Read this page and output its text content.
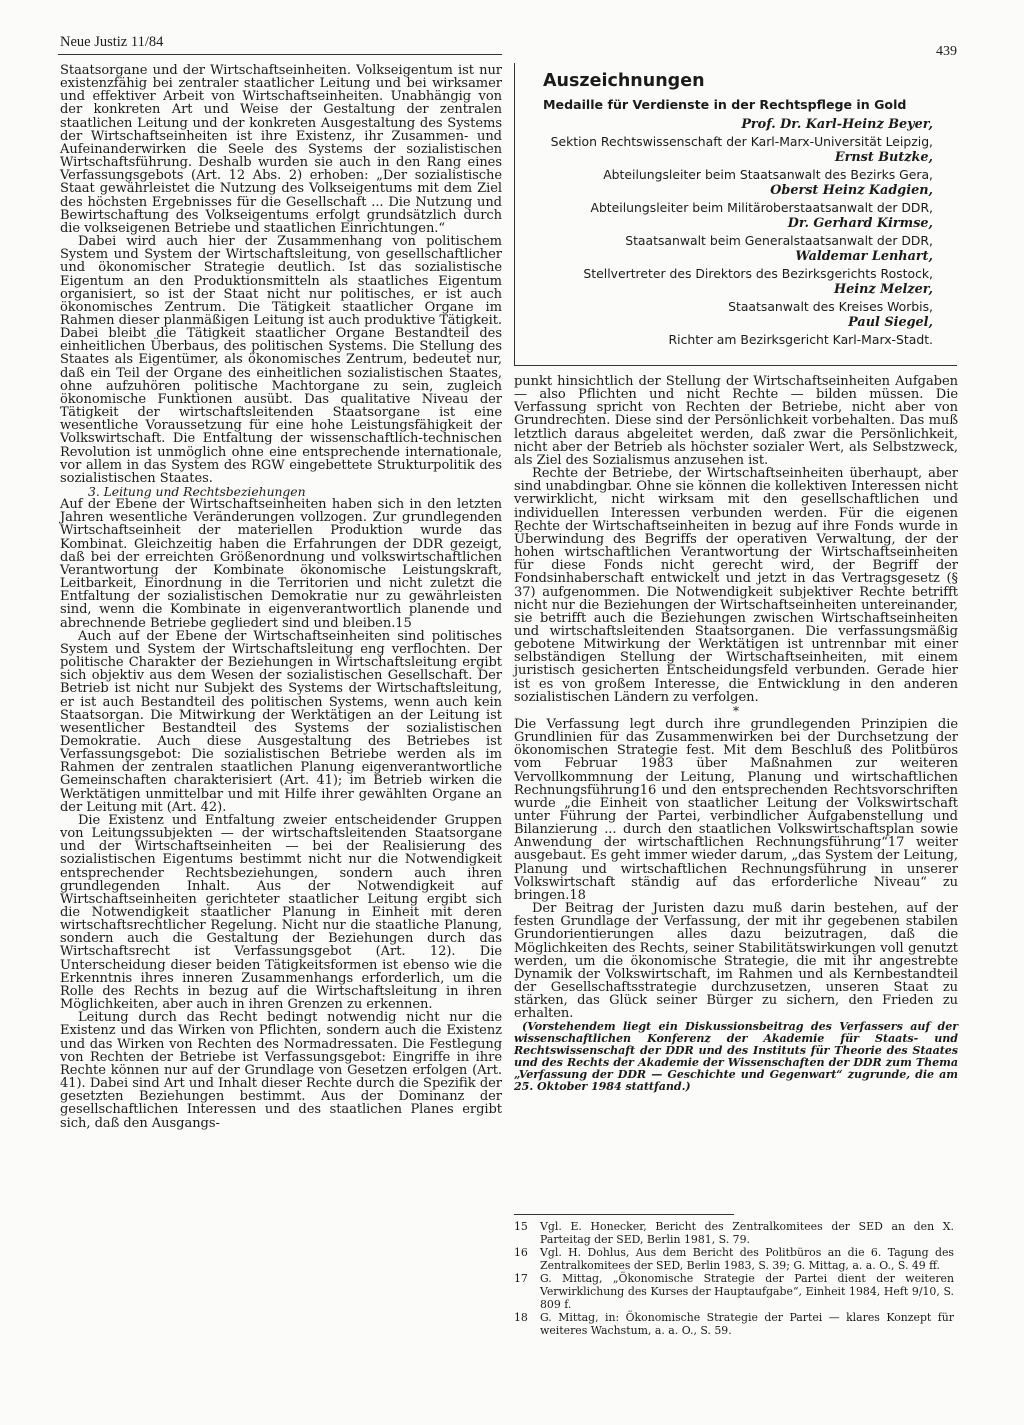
Neue Justiz 11/84
439

Staatsorgane und der Wirtschaftseinheiten. Volkseigentum ist nur existenzfähig bei zentraler staatlicher Leitung und bei wirksamer und effektiver Arbeit von Wirtschaftseinheiten. Unabhängig von der konkreten Art und Weise der Gestaltung der zentralen staatlichen Leitung und der konkreten Ausgestaltung des Systems der Wirtschaftseinheiten ist ihre Existenz, ihr Zusammen- und Aufeinanderwirken die Seele des Systems der sozialistischen Wirtschaftsführung. Deshalb wurden sie auch in den Rang eines Verfassungsgebots (Art. 12 Abs. 2) erhoben: „Der sozialistische Staat gewährleistet die Nutzung des Volkseigentums mit dem Ziel des höchsten Ergebnisses für die Gesellschaft ... Die Nutzung und Bewirtschaftung des Volkseigentums erfolgt grundsätzlich durch die volkseigenen Betriebe und staatlichen Einrichtungen.“

Dabei wird auch hier der Zusammenhang von politischem System und System der Wirtschaftsleitung, von gesellschaftlicher und ökonomischer Strategie deutlich. Ist das sozialistische Eigentum an den Produktionsmitteln als staatliches Eigentum organisiert, so ist der Staat nicht nur politisches, er ist auch ökonomisches Zentrum. Die Tätigkeit staatlicher Organe im Rahmen dieser planmäßigen Leitung ist auch produktive Tätigkeit. Dabei bleibt die Tätigkeit staatlicher Organe Bestandteil des einheitlichen Überbaus, des politischen Systems. Die Stellung des Staates als Eigentümer, als ökonomisches Zentrum, bedeutet nur, daß ein Teil der Organe des einheitlichen sozialistischen Staates, ohne aufzuhören politische Machtorgane zu sein, zugleich ökonomische Funktionen ausübt. Das qualitative Niveau der Tätigkeit der wirtschaftsleitenden Staatsorgane ist eine wesentliche Voraussetzung für eine hohe Leistungsfähigkeit der Volkswirtschaft. Die Entfaltung der wissenschaftlich-technischen Revolution ist unmöglich ohne eine entsprechende internationale, vor allem in das System des RGW eingebettete Strukturpolitik des sozialistischen Staates.

3. Leitung und Rechtsbeziehungen

Auf der Ebene der Wirtschaftseinheiten haben sich in den letzten Jahren wesentliche Veränderungen vollzogen. Zur grundlegenden Wirtschaftseinheit der materiellen Produktion wurde das Kombinat. Gleichzeitig haben die Erfahrungen der DDR gezeigt, daß bei der erreichten Größenordnung und volkswirtschaftlichen Verantwortung der Kombinate ökonomische Leistungskraft, Leitbarkeit, Einordnung in die Territorien und nicht zuletzt die Entfaltung der sozialistischen Demokratie nur zu gewährleisten sind, wenn die Kombinate in eigenverantwortlich planende und abrechnende Betriebe gegliedert sind und bleiben.15

Auch auf der Ebene der Wirtschaftseinheiten sind politisches System und System der Wirtschaftsleitung eng verflochten. Der politische Charakter der Beziehungen in Wirtschaftsleitung ergibt sich objektiv aus dem Wesen der sozialistischen Gesellschaft. Der Betrieb ist nicht nur Subjekt des Systems der Wirtschaftsleitung, er ist auch Bestandteil des politischen Systems, wenn auch kein Staatsorgan. Die Mitwirkung der Werktätigen an der Leitung ist wesentlicher Bestandteil des Systems der sozialistischen Demokratie. Auch diese Ausgestaltung des Betriebes ist Verfassungsgebot: Die sozialistischen Betriebe werden als im Rahmen der zentralen staatlichen Planung eigenverantwortliche Gemeinschaften charakterisiert (Art. 41); im Betrieb wirken die Werktätigen unmittelbar und mit Hilfe ihrer gewählten Organe an der Leitung mit (Art. 42).

Die Existenz und Entfaltung zweier entscheidender Gruppen von Leitungssubjekten — der wirtschaftsleitenden Staatsorgane und der Wirtschaftseinheiten — bei der Realisierung des sozialistischen Eigentums bestimmt nicht nur die Notwendigkeit entsprechender Rechtsbeziehungen, sondern auch ihren grundlegenden Inhalt. Aus der Notwendigkeit auf Wirtschaftseinheiten gerichteter staatlicher Leitung ergibt sich die Notwendigkeit staatlicher Planung in Einheit mit deren wirtschaftsrechtlicher Regelung. Nicht nur die staatliche Planung, sondern auch die Gestaltung der Beziehungen durch das Wirtschaftsrecht ist Verfassungsgebot (Art. 12). Die Unterscheidung dieser beiden Tätigkeitsformen ist ebenso wie die Erkenntnis ihres inneren Zusammenhangs erforderlich, um die Rolle des Rechts in bezug auf die Wirtschaftsleitung in ihren Möglichkeiten, aber auch in ihren Grenzen zu erkennen.

Leitung durch das Recht bedingt notwendig nicht nur die Existenz und das Wirken von Pflichten, sondern auch die Existenz und das Wirken von Rechten des Normadressaten. Die Festlegung von Rechten der Betriebe ist Verfassungsgebot: Eingriffe in ihre Rechte können nur auf der Grundlage von Gesetzen erfolgen (Art. 41). Dabei sind Art und Inhalt dieser Rechte durch die Spezifik der gesetzten Beziehungen bestimmt. Aus der Dominanz der gesellschaftlichen Interessen und des staatlichen Planes ergibt sich, daß den Ausgangs-

Auszeichnungen
Medaille für Verdienste in der Rechtspflege in Gold
Prof. Dr. Karl-Heinz Beyer,
Sektion Rechtswissenschaft der Karl-Marx-Universität Leipzig,
Ernst Butzke,
Abteilungsleiter beim Staatsanwalt des Bezirks Gera,
Oberst Heinz Kadgien,
Abteilungsleiter beim Militäroberstaatsanwalt der DDR,
Dr. Gerhard Kirmse,
Staatsanwalt beim Generalstaatsanwalt der DDR,
Waldemar Lenhart,
Stellvertreter des Direktors des Bezirksgerichts Rostock,
Heinz Melzer,
Staatsanwalt des Kreises Worbis,
Paul Siegel,
Richter am Bezirksgericht Karl-Marx-Stadt.

punkt hinsichtlich der Stellung der Wirtschaftseinheiten Aufgaben — also Pflichten und nicht Rechte — bilden müssen. Die Verfassung spricht von Rechten der Betriebe, nicht aber von Grundrechten. Diese sind der Persönlichkeit vorbehalten. Das muß letztlich daraus abgeleitet werden, daß zwar die Persönlichkeit, nicht aber der Betrieb als höchster sozialer Wert, als Selbstzweck, als Ziel des Sozialismus anzusehen ist.

Rechte der Betriebe, der Wirtschaftseinheiten überhaupt, aber sind unabdingbar. Ohne sie können die kollektiven Interessen nicht verwirklicht, nicht wirksam mit den gesellschaftlichen und individuellen Interessen verbunden werden. Für die eigenen Rechte der Wirtschaftseinheiten in bezug auf ihre Fonds wurde in Überwindung des Begriffs der operativen Verwaltung, der der hohen wirtschaftlichen Verantwortung der Wirtschaftseinheiten für diese Fonds nicht gerecht wird, der Begriff der Fondsinhaberschaft entwickelt und jetzt in das Vertragsgesetz (§ 37) aufgenommen. Die Notwendigkeit subjektiver Rechte betrifft nicht nur die Beziehungen der Wirtschaftseinheiten untereinander, sie betrifft auch die Beziehungen zwischen Wirtschaftseinheiten und wirtschaftsleitenden Staatsorganen. Die verfassungsmäßig gebotene Mitwirkung der Werktätigen ist untrennbar mit einer selbständigen Stellung der Wirtschaftseinheiten, mit einem juristisch gesicherten Entscheidungsfeld verbunden. Gerade hier ist es von großem Interesse, die Entwicklung in den anderen sozialistischen Ländern zu verfolgen.

*

Die Verfassung legt durch ihre grundlegenden Prinzipien die Grundlinien für das Zusammenwirken bei der Durchsetzung der ökonomischen Strategie fest. Mit dem Beschluß des Politbüros vom Februar 1983 über Maßnahmen zur weiteren Vervollkommnung der Leitung, Planung und wirtschaftlichen Rechnungsführung16 und den entsprechenden Rechtsvorschriften wurde „die Einheit von staatlicher Leitung der Volkswirtschaft unter Führung der Partei, verbindlicher Aufgabenstellung und Bilanzierung ... durch den staatlichen Volkswirtschaftsplan sowie Anwendung der wirtschaftlichen Rechnungsführung“17 weiter ausgebaut. Es geht immer wieder darum, „das System der Leitung, Planung und wirtschaftlichen Rechnungsführung in unserer Volkswirtschaft ständig auf das erforderliche Niveau“ zu bringen.18

Der Beitrag der Juristen dazu muß darin bestehen, auf der festen Grundlage der Verfassung, der mit ihr gegebenen stabilen Grundorientierungen alles dazu beizutragen, daß die Möglichkeiten des Rechts, seiner Stabilitätswirkungen voll genutzt werden, um die ökonomische Strategie, die mit ihr angestrebte Dynamik der Volkswirtschaft, im Rahmen und als Kernbestandteil der Gesellschaftsstrategie durchzusetzen, unseren Staat zu stärken, das Glück seiner Bürger zu sichern, den Frieden zu erhalten.

(Vorstehendem liegt ein Diskussionsbeitrag des Verfassers auf der wissenschaftlichen Konferenz der Akademie für Staats- und Rechtswissenschaft der DDR und des Instituts für Theorie des Staates und des Rechts der Akademie der Wissenschaften der DDR zum Thema „Verfassung der DDR — Geschichte und Gegenwart“ zugrunde, die am 25. Oktober 1984 stattfand.)

15	Vgl. E. Honecker, Bericht des Zentralkomitees der SED an den X. Parteitag der SED, Berlin 1981, S. 79.
16	Vgl. H. Dohlus, Aus dem Bericht des Politbüros an die 6. Tagung des Zentralkomitees der SED, Berlin 1983, S. 39; G. Mittag, a. a. O., S. 49 ff.
17	G. Mittag, „Ökonomische Strategie der Partei dient der weiteren Verwirklichung des Kurses der Hauptaufgabe“, Einheit 1984, Heft 9/10, S. 809 f.
18	G. Mittag, in: Ökonomische Strategie der Partei — klares Konzept für weiteres Wachstum, a. a. O., S. 59.
